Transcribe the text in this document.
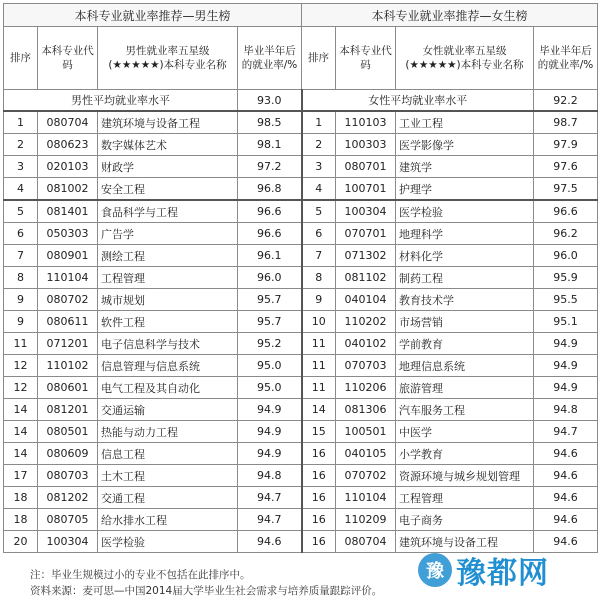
本科专业就业率推荐—男生榜				本科专业就业率推荐—女生榜			
排序	本科专业代码	男性就业率五星级(★★★★★)本科专业名称	毕业半年后的就业率/%	排序	本科专业代码	女性就业率五星级(★★★★★)本科专业名称	毕业半年后的就业率/%
男性平均就业率水平			93.0	女性平均就业率水平			92.2
1	080704	建筑环境与设备工程	98.5	1	110103	工业工程	98.7
2	080623	数字媒体艺术	98.1	2	100303	医学影像学	97.9
3	020103	财政学	97.2	3	080701	建筑学	97.6
4	081002	安全工程	96.8	4	100701	护理学	97.5
5	081401	食品科学与工程	96.6	5	100304	医学检验	96.6
6	050303	广告学	96.6	6	070701	地理科学	96.2
7	080901	测绘工程	96.1	7	071302	材料化学	96.0
8	110104	工程管理	96.0	8	081102	制药工程	95.9
9	080702	城市规划	95.7	9	040104	教育技术学	95.5
9	080611	软件工程	95.7	10	110202	市场营销	95.1
11	071201	电子信息科学与技术	95.2	11	040102	学前教育	94.9
12	110102	信息管理与信息系统	95.0	11	070703	地理信息系统	94.9
12	080601	电气工程及其自动化	95.0	11	110206	旅游管理	94.9
14	081201	交通运输	94.9	14	081306	汽车服务工程	94.8
14	080501	热能与动力工程	94.9	15	100501	中医学	94.7
14	080609	信息工程	94.9	16	040105	小学教育	94.6
17	080703	土木工程	94.8	16	070702	资源环境与城乡规划管理	94.6
18	081202	交通工程	94.7	16	110104	工程管理	94.6
18	080705	给水排水工程	94.7	16	110209	电子商务	94.6
20	100304	医学检验	94.6	16	080704	建筑环境与设备工程	94.6
注：毕业生规模过小的专业不包括在此排序中。
资料来源：麦可思—中国2014届大学毕业生社会需求与培养质量跟踪评价。
豫 豫都网
